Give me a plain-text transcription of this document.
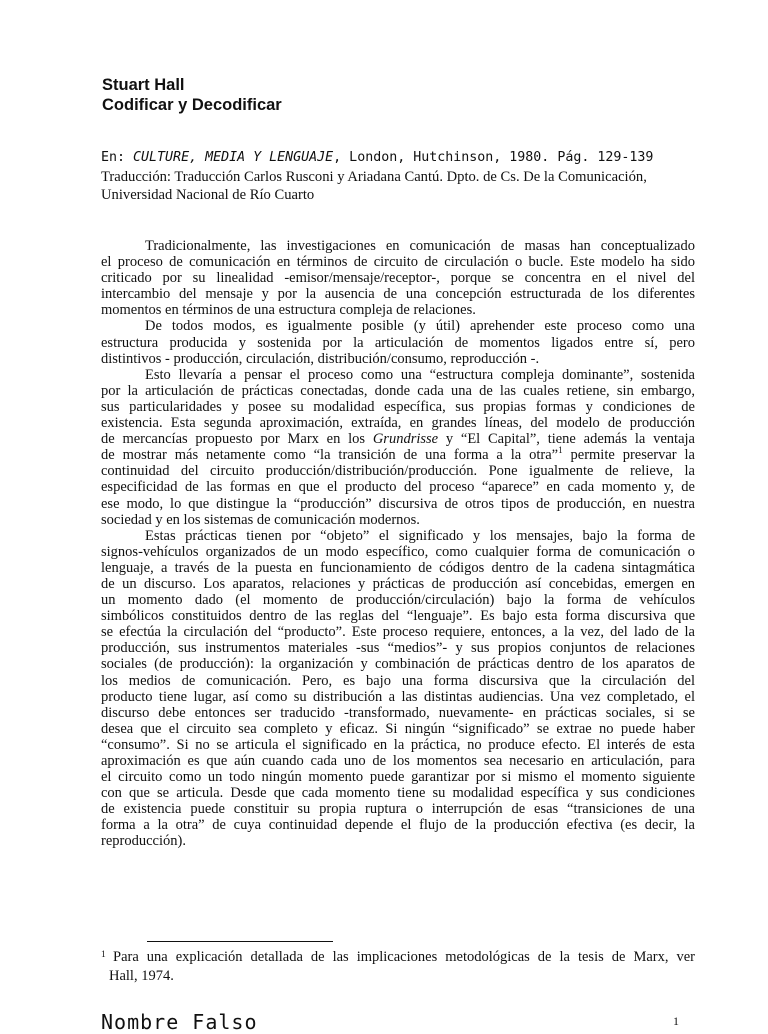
Stuart Hall
Codificar y Decodificar
En: CULTURE, MEDIA Y LENGUAJE, London, Hutchinson, 1980. Pág. 129-139
Traducción: Traducción Carlos Rusconi y Ariadana Cantú. Dpto. de Cs. De la Comunicación,
Universidad Nacional de Río Cuarto
Tradicionalmente, las investigaciones en comunicación de masas han conceptualizado
el proceso de comunicación en términos de circuito de circulación o bucle. Este modelo ha sido
criticado por su linealidad -emisor/mensaje/receptor-, porque se concentra en el nivel del
intercambio del mensaje y por la ausencia de una concepción estructurada de los diferentes
momentos en términos de una estructura compleja de relaciones.
De todos modos, es igualmente posible (y útil) aprehender este proceso como una
estructura producida y sostenida por la articulación de momentos ligados entre sí, pero
distintivos - producción, circulación, distribución/consumo, reproducción -.
Esto llevaría a pensar el proceso como una “estructura compleja dominante”, sostenida
por la articulación de prácticas conectadas, donde cada una de las cuales retiene, sin embargo,
sus particularidades y posee su modalidad específica, sus propias formas y condiciones de
existencia. Esta segunda aproximación, extraída, en grandes líneas, del modelo de producción
de mercancías propuesto por Marx en los Grundrisse y “El Capital”, tiene además la ventaja
de mostrar más netamente como “la transición de una forma a la otra”$^1$ permite preservar la
continuidad del circuito producción/distribución/producción. Pone igualmente de relieve, la
especificidad de las formas en que el producto del proceso “aparece” en cada momento y, de
ese modo, lo que distingue la “producción” discursiva de otros tipos de producción, en nuestra
sociedad y en los sistemas de comunicación modernos.
Estas prácticas tienen por “objeto” el significado y los mensajes, bajo la forma de
signos-vehículos organizados de un modo específico, como cualquier forma de comunicación o
lenguaje, a través de la puesta en funcionamiento de códigos dentro de la cadena sintagmática
de un discurso. Los aparatos, relaciones y prácticas de producción así concebidas, emergen en
un momento dado (el momento de producción/circulación) bajo la forma de vehículos
simbólicos constituidos dentro de las reglas del “lenguaje”. Es bajo esta forma discursiva que
se efectúa la circulación del “producto”. Este proceso requiere, entonces, a la vez, del lado de la
producción, sus instrumentos materiales -sus “medios”- y sus propios conjuntos de relaciones
sociales (de producción): la organización y combinación de prácticas dentro de los aparatos de
los medios de comunicación. Pero, es bajo una forma discursiva que la circulación del
producto tiene lugar, así como su distribución a las distintas audiencias. Una vez completado, el
discurso debe entonces ser traducido -transformado, nuevamente- en prácticas sociales, si se
desea que el circuito sea completo y eficaz. Si ningún “significado” se extrae no puede haber
“consumo”. Si no se articula el significado en la práctica, no produce efecto. El interés de esta
aproximación es que aún cuando cada uno de los momentos sea necesario en articulación, para
el circuito como un todo ningún momento puede garantizar por si mismo el momento siguiente
con que se articula. Desde que cada momento tiene su modalidad específica y sus condiciones
de existencia puede constituir su propia ruptura o interrupción de esas “transiciones de una
forma a la otra” de cuya continuidad depende el flujo de la producción efectiva (es decir, la
reproducción).
1 Para una explicación detallada de las implicaciones metodológicas de la tesis de Marx, ver
Hall, 1974.
Nombre Falso	1
